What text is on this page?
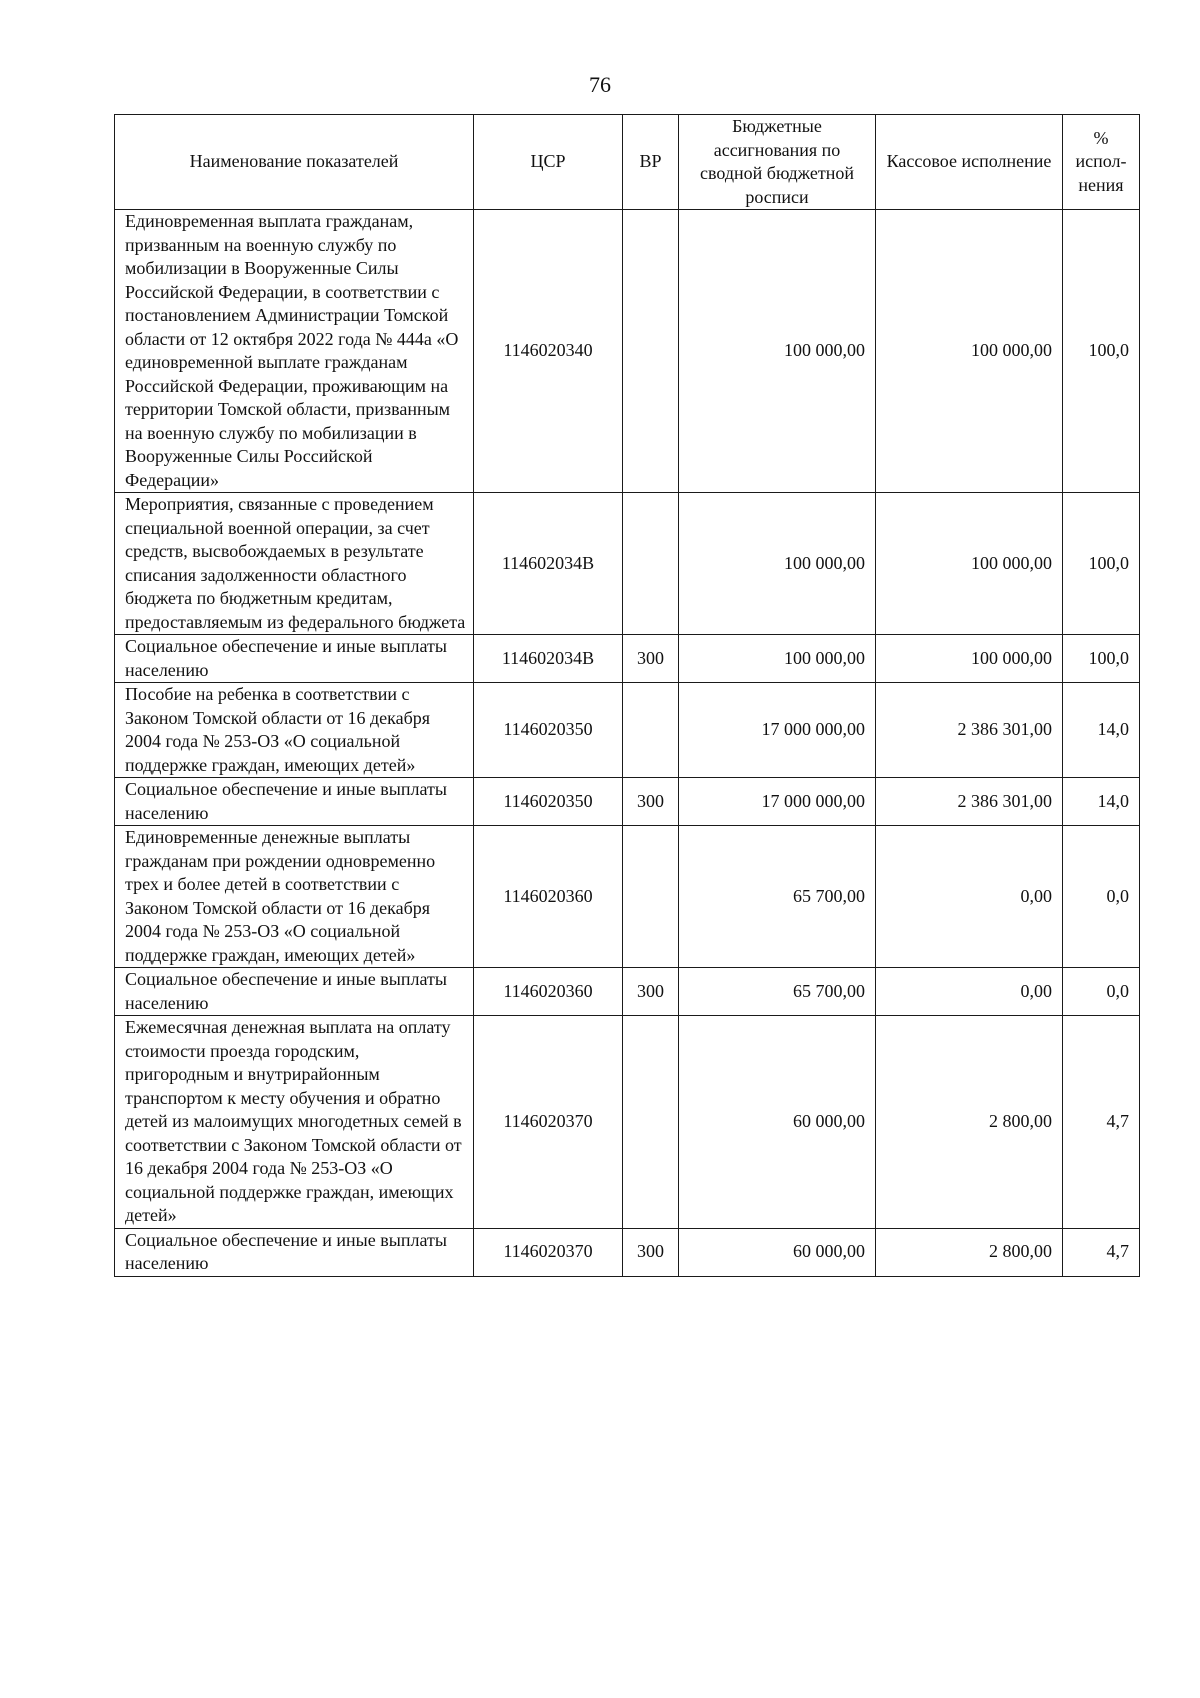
76
Наименование показателей	ЦСР	ВР	Бюджетные ассигнования по сводной бюджетной росписи	Кассовое исполнение	% испол-нения
Единовременная выплата гражданам, призванным на военную службу по мобилизации в Вооруженные Силы Российской Федерации, в соответствии с постановлением Администрации Томской области от 12 октября 2022 года № 444а «О единовременной выплате гражданам Российской Федерации, проживающим на территории Томской области, призванным на военную службу по мобилизации в Вооруженные Силы Российской Федерации»	1146020340		100 000,00	100 000,00	100,0
Мероприятия, связанные с проведением специальной военной операции, за счет средств, высвобождаемых в результате списания задолженности областного бюджета по бюджетным кредитам, предоставляемым из федерального бюджета	114602034В		100 000,00	100 000,00	100,0
Социальное обеспечение и иные выплаты населению	114602034В	300	100 000,00	100 000,00	100,0
Пособие на ребенка в соответствии с Законом Томской области от 16 декабря 2004 года № 253-ОЗ «О социальной поддержке граждан, имеющих детей»	1146020350		17 000 000,00	2 386 301,00	14,0
Социальное обеспечение и иные выплаты населению	1146020350	300	17 000 000,00	2 386 301,00	14,0
Единовременные денежные выплаты гражданам при рождении одновременно трех и более детей в соответствии с Законом Томской области от 16 декабря 2004 года № 253-ОЗ «О социальной поддержке граждан, имеющих детей»	1146020360		65 700,00	0,00	0,0
Социальное обеспечение и иные выплаты населению	1146020360	300	65 700,00	0,00	0,0
Ежемесячная денежная выплата на оплату стоимости проезда городским, пригородным и внутрирайонным транспортом к месту обучения и обратно детей из малоимущих многодетных семей в соответствии с Законом Томской области от 16 декабря 2004 года № 253-ОЗ «О социальной поддержке граждан, имеющих детей»	1146020370		60 000,00	2 800,00	4,7
Социальное обеспечение и иные выплаты населению	1146020370	300	60 000,00	2 800,00	4,7
